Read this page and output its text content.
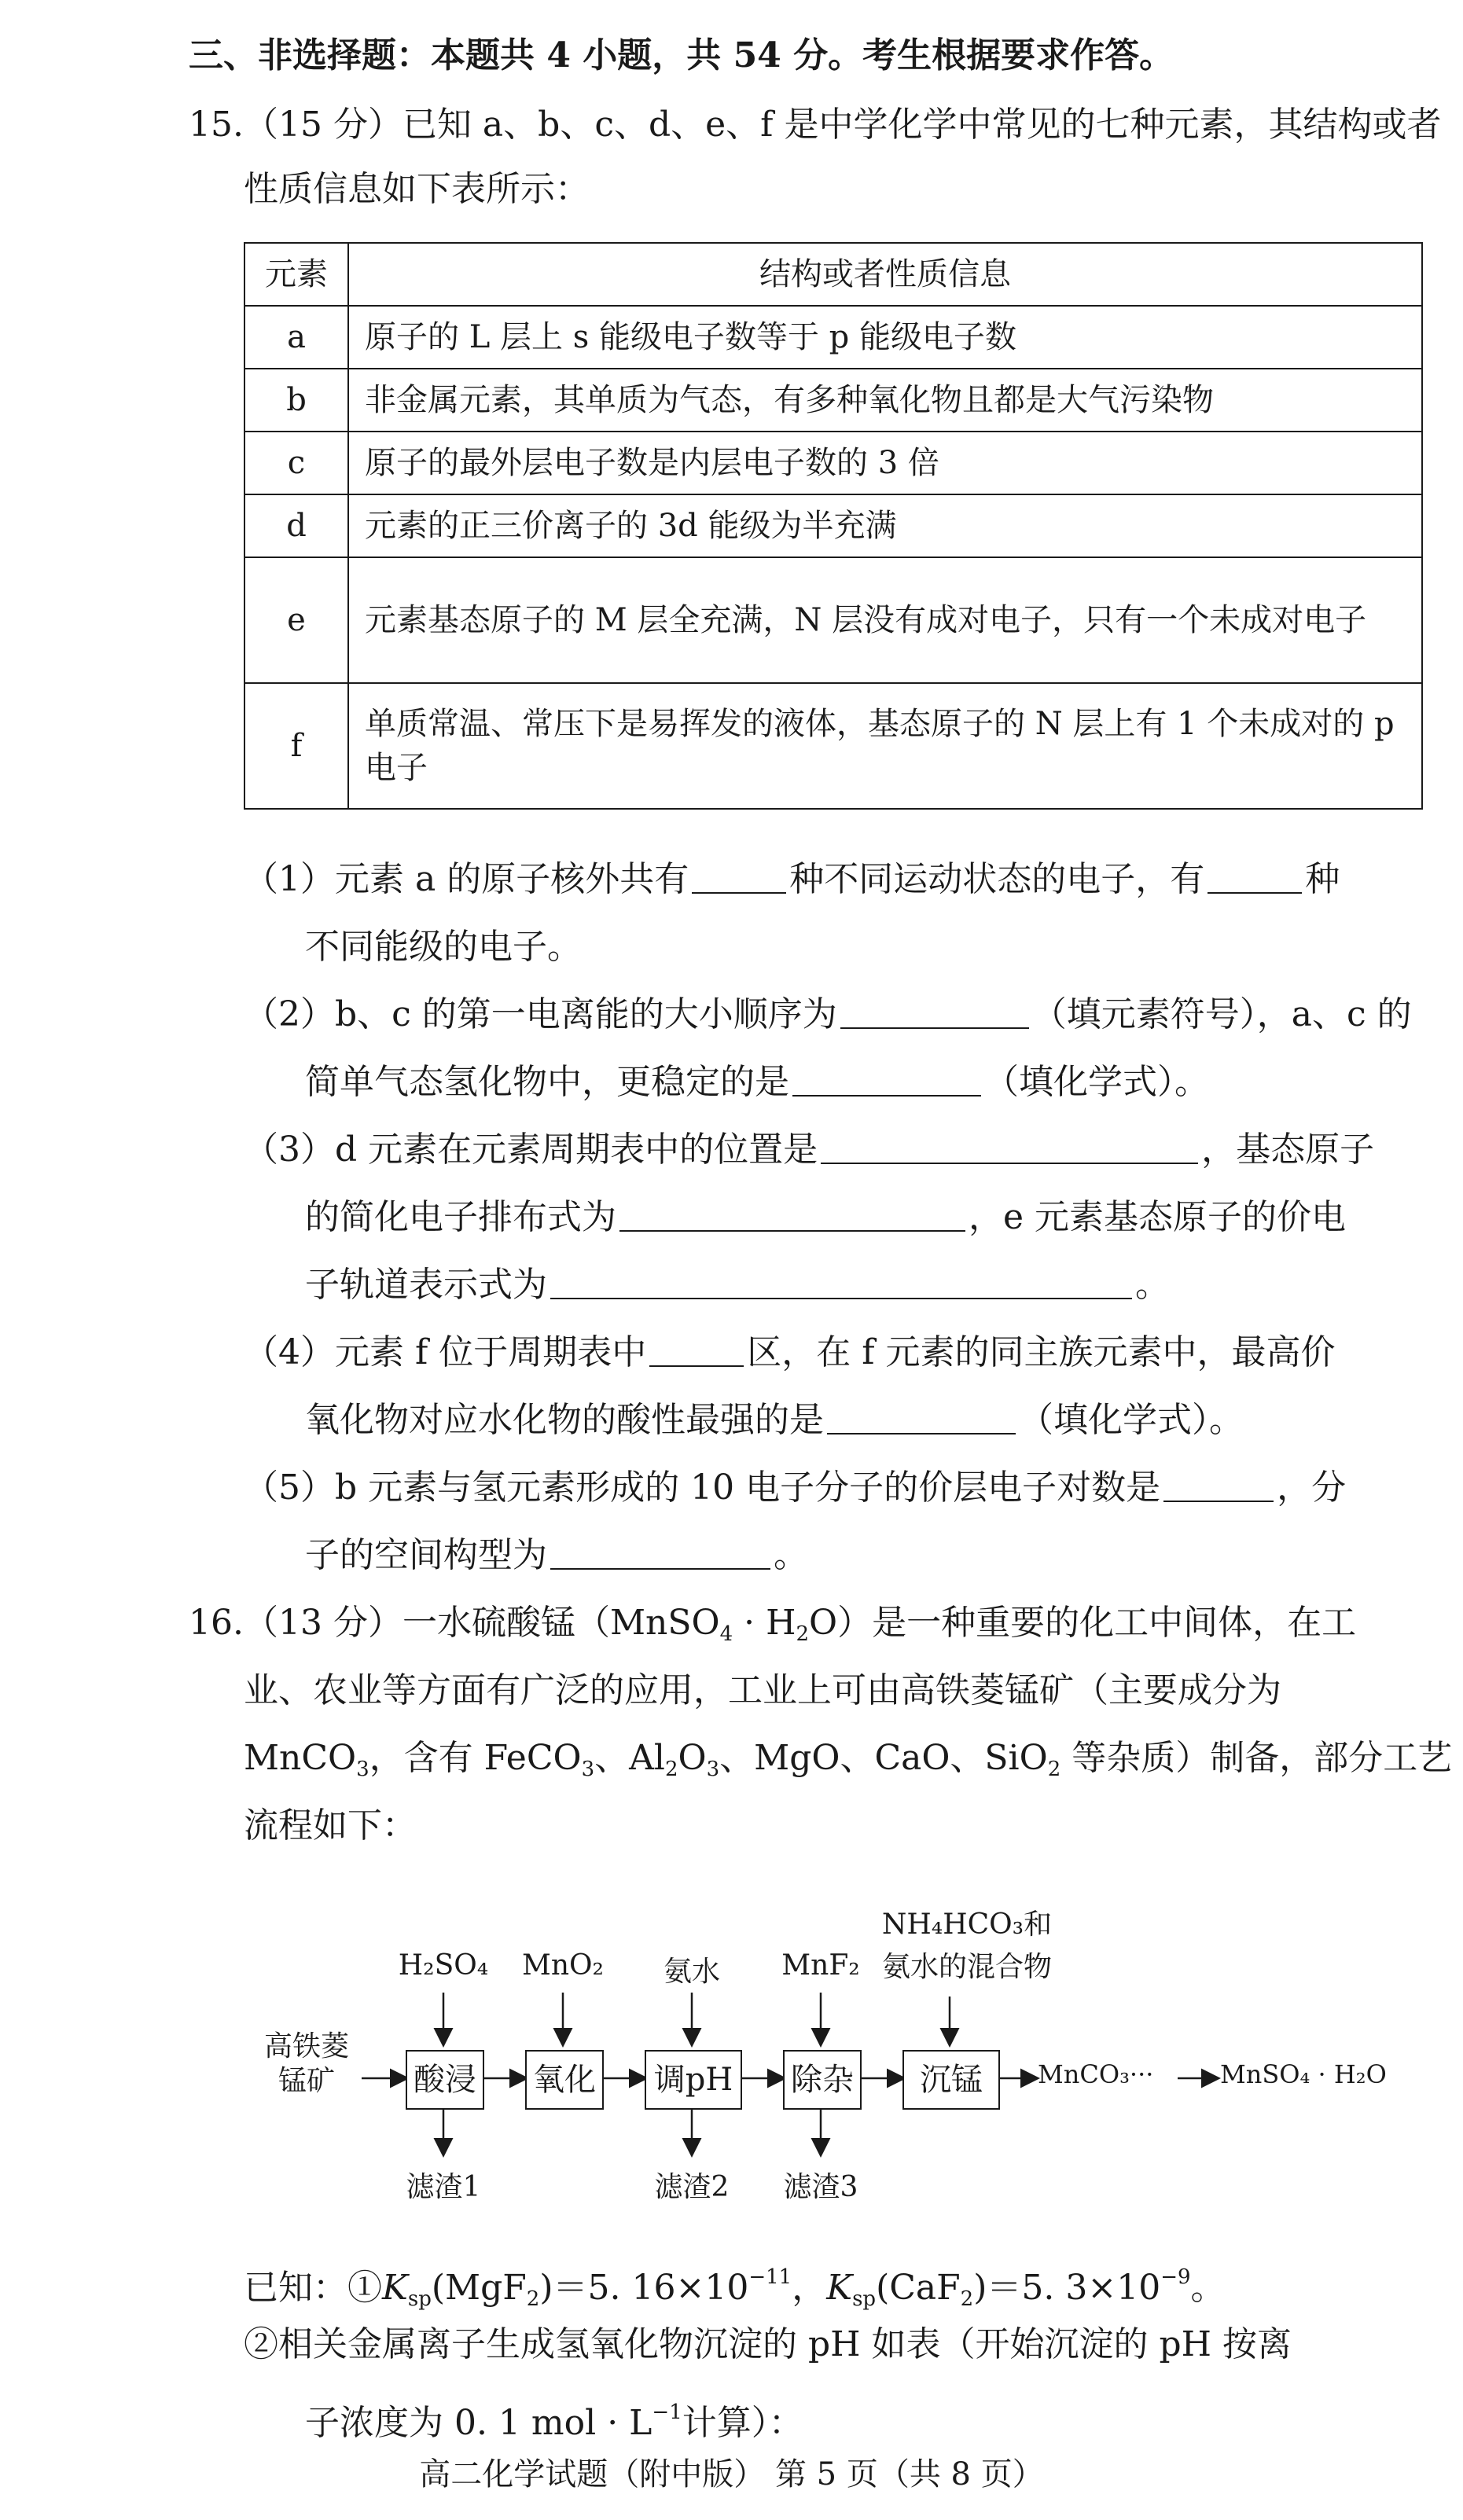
三、非选择题：本题共 4 小题，共 54 分。考生根据要求作答。
15.（15 分）已知 a、b、c、d、e、f 是中学化学中常见的七种元素，其结构或者
性质信息如下表所示：
元素	结构或者性质信息
a	原子的 L 层上 s 能级电子数等于 p 能级电子数
b	非金属元素，其单质为气态，有多种氧化物且都是大气污染物
c	原子的最外层电子数是内层电子数的 3 倍
d	元素的正三价离子的 3d 能级为半充满
e	元素基态原子的 M 层全充满，N 层没有成对电子，只有一个未成对电子
f	单质常温、常压下是易挥发的液体，基态原子的 N 层上有 1 个未成对的 p 电子
（1）元素 a 的原子核外共有	种不同运动状态的电子，有	种
不同能级的电子。
（2）b、c 的第一电离能的大小顺序为	（填元素符号），a、c 的
简单气态氢化物中，更稳定的是	（填化学式）。
（3）d 元素在元素周期表中的位置是	，基态原子
的简化电子排布式为	，e 元素基态原子的价电
子轨道表示式为	。
（4）元素 f 位于周期表中	区，在 f 元素的同主族元素中，最高价
氧化物对应水化物的酸性最强的是	（填化学式）。
（5）b 元素与氢元素形成的 10 电子分子的价层电子对数是	，分
子的空间构型为	。
16.（13 分）一水硫酸锰（MnSO$_4$ · $H_2O$）是一种重要的化工中间体，在工
业、农业等方面有广泛的应用，工业上可由高铁菱锰矿（主要成分为
MnCO$_3$，含有 FeCO$_3$、$Al_2O_3$、MgO、CaO、SiO$_2$ 等杂质）制备，部分工艺
流程如下：
高铁菱
锰矿	酸浸 氧化 调pH 除杂	沉锰
H₂SO₄ MnO₂	氨水	MnF₂
NH₄HCO₃和
氨水的混合物
滤渣1	滤渣2	滤渣3
MnCO₃···	MnSO₄ · H₂O
已知：$①K_{sp}(MgF_2)=5$. $16\times 10^{-11}$，$K_{sp}(CaF_2)=5$. $3\times 10^{-9}$。
②相关金属离子生成氢氧化物沉淀的 pH 如表（开始沉淀的 pH 按离
子浓度为 0. 1 mol · $L^{-1}$计算）：
高二化学试题（附中版） 第 5 页（共 8 页）
